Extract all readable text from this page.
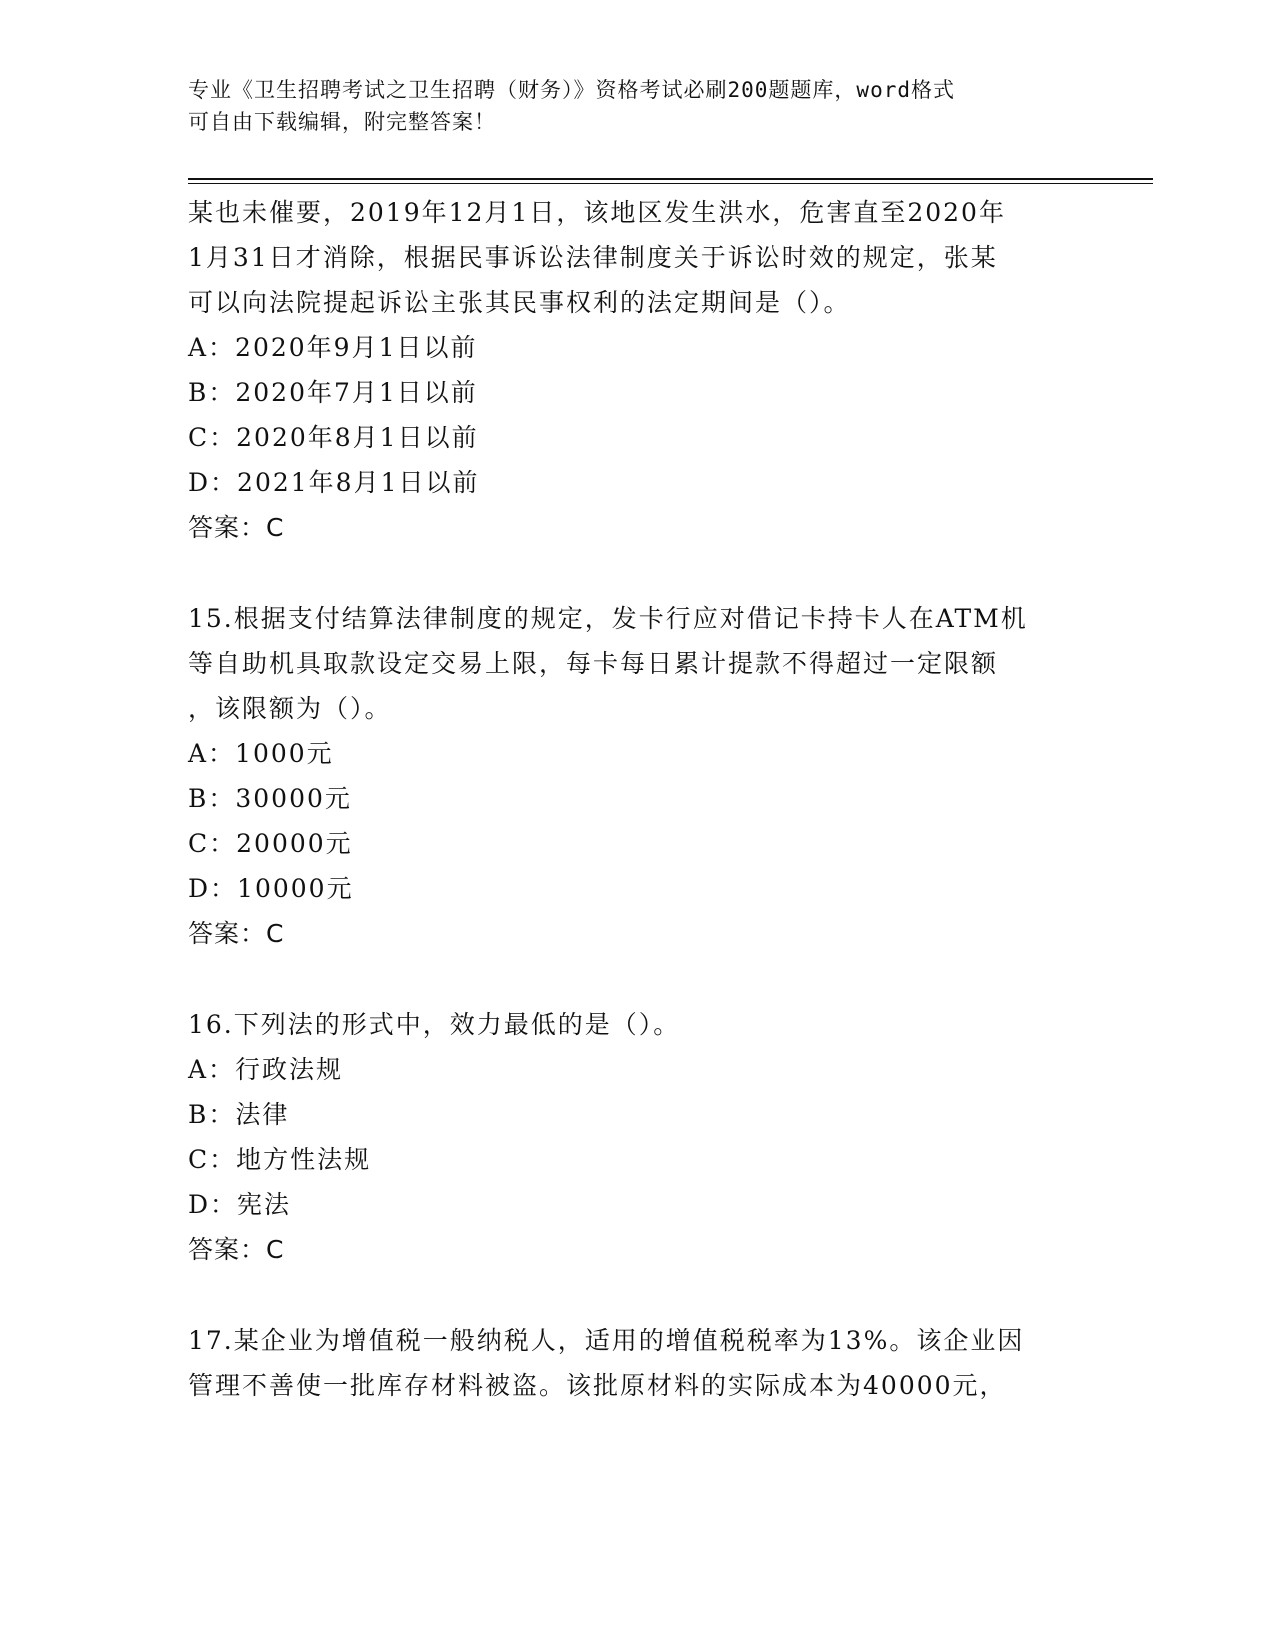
专业《卫生招聘考试之卫生招聘（财务）》资格考试必刷200题题库，word格式
可自由下载编辑，附完整答案！
某也未催要，2019年12月1日，该地区发生洪水，危害直至2020年
1月31日才消除，根据民事诉讼法律制度关于诉讼时效的规定，张某
可以向法院提起诉讼主张其民事权利的法定期间是（）。
A：2020年9月1日以前
B：2020年7月1日以前
C：2020年8月1日以前
D：2021年8月1日以前
答案：C
15.根据支付结算法律制度的规定，发卡行应对借记卡持卡人在ATM机
等自助机具取款设定交易上限，每卡每日累计提款不得超过一定限额
，该限额为（）。
A：1000元
B：30000元
C：20000元
D：10000元
答案：C
16.下列法的形式中，效力最低的是（）。
A：行政法规
B：法律
C：地方性法规
D：宪法
答案：C
17.某企业为增值税一般纳税人，适用的增值税税率为13%。该企业因
管理不善使一批库存材料被盗。该批原材料的实际成本为40000元，
